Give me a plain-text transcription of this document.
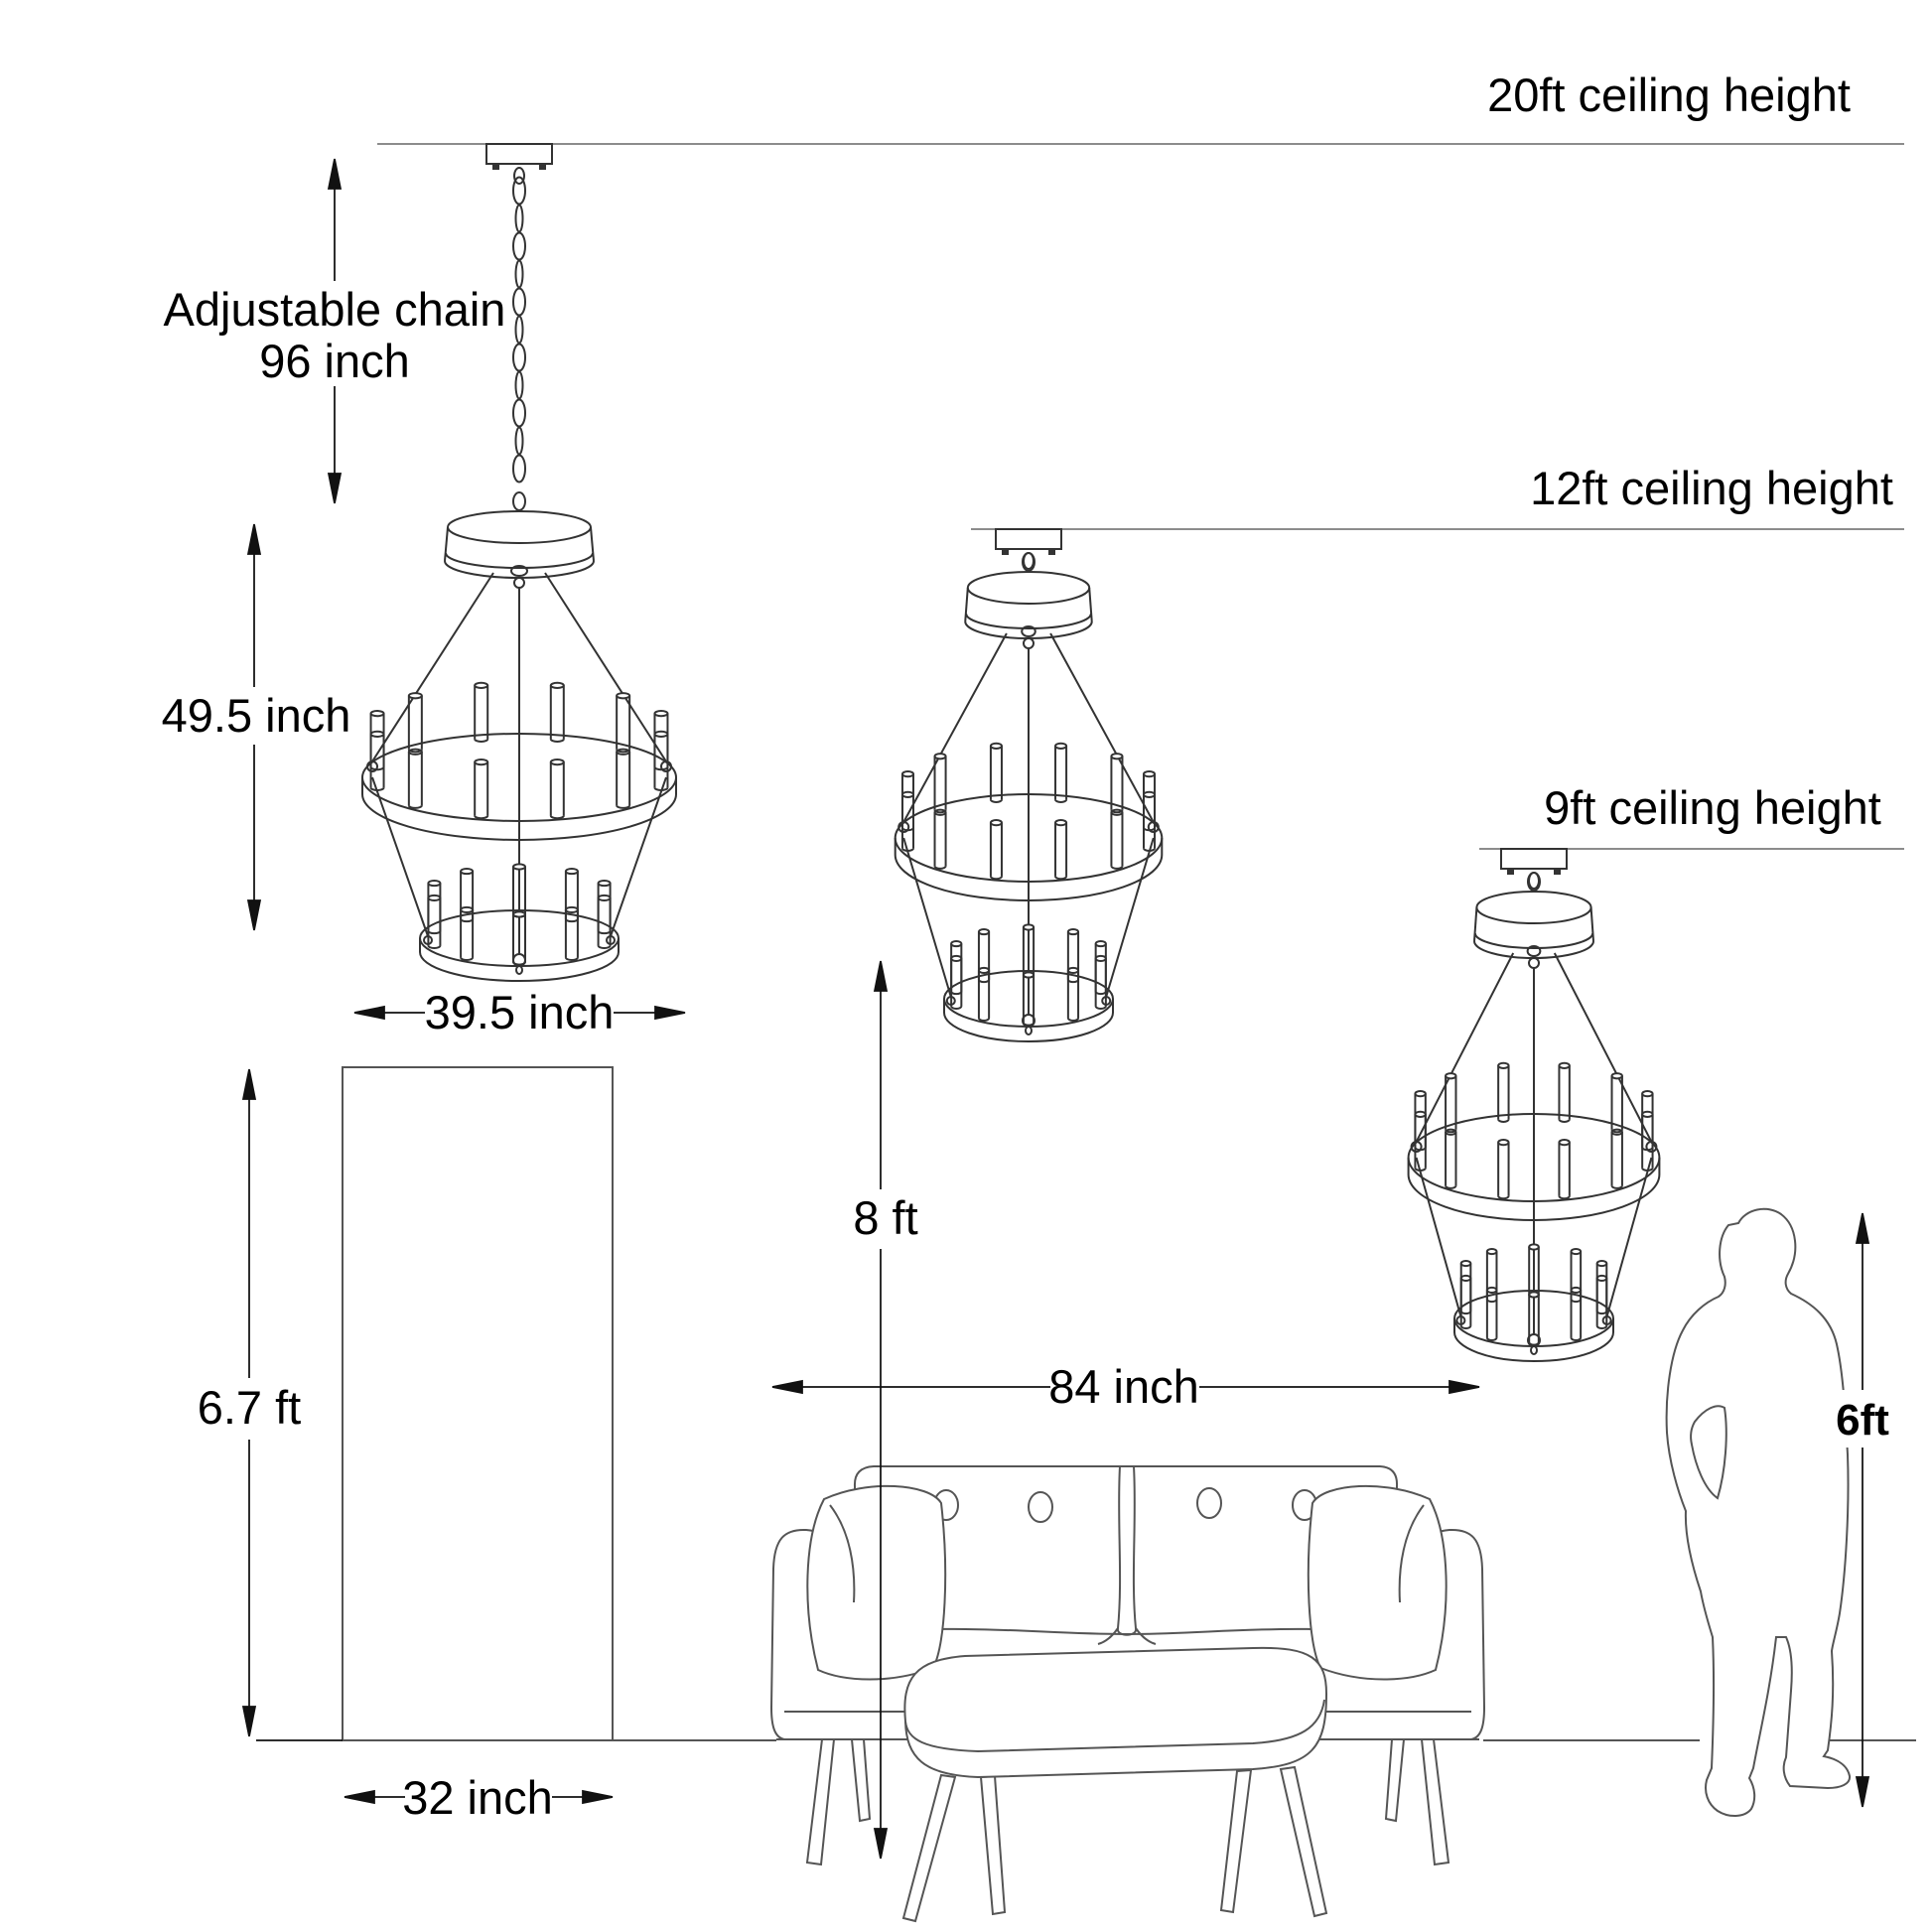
20ft ceiling height
12ft ceiling height
9ft ceiling height
Adjustable chain
96 inch
49.5 inch
39.5 inch
6.7 ft
32 inch
8 ft
84 inch
6ft
